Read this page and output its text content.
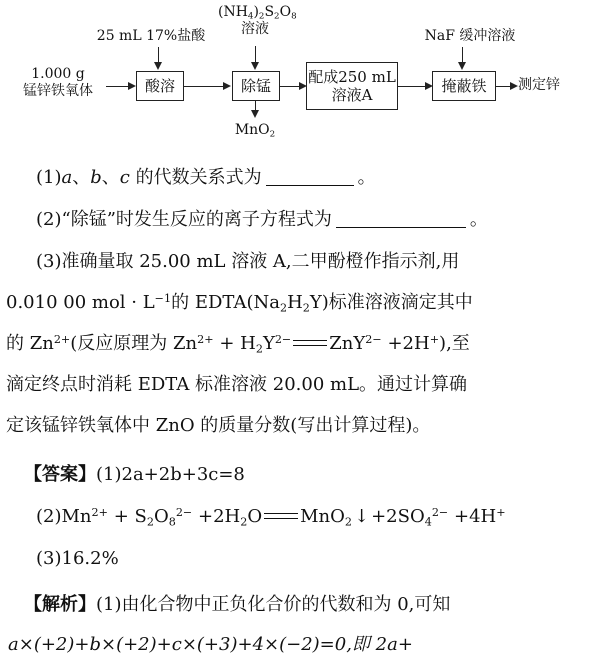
1.000 g
锰锌铁氧体
25 mL 17%盐酸
酸溶
$(NH_4)_2S_2O_8$
溶液
除锰
MnO$_2$
配成250 mL
溶液A
NaF 缓冲溶液
掩蔽铁	测定锌
(1)a、b、c 的代数关系式为	。
(2)“除锰”时发生反应的离子方程式为	。
(3)准确量取 25.00 mL 溶液 A,二甲酚橙作指示剂,用
0.010 00 mol · $L^{-1}$的 $EDTA(Na_2H_2Y)$标准溶液滴定其中
的 $Zn^{2+}$(反应原理为 $Zn^{2+} + H_2Y^{2-}$ ZnY$^{2-}$ +2H+),至
滴定终点时消耗 EDTA 标准溶液 20.00 mL。通过计算确
定该锰锌铁氧体中 ZnO 的质量分数(写出计算过程)。
【答案】(1)2a+2b+3c=8
$(2)Mn^{2+} + S_2O_8^{2-} +2H_2O$ MnO$_2$ ↓ $+2SO_4^{2-} +4H^+$
(3)16.2%
【解析】(1)由化合物中正负化合价的代数和为 0,可知
a×(+2)+b×(+2)+c×(+3)+4×(−2)=0,即 2a+
